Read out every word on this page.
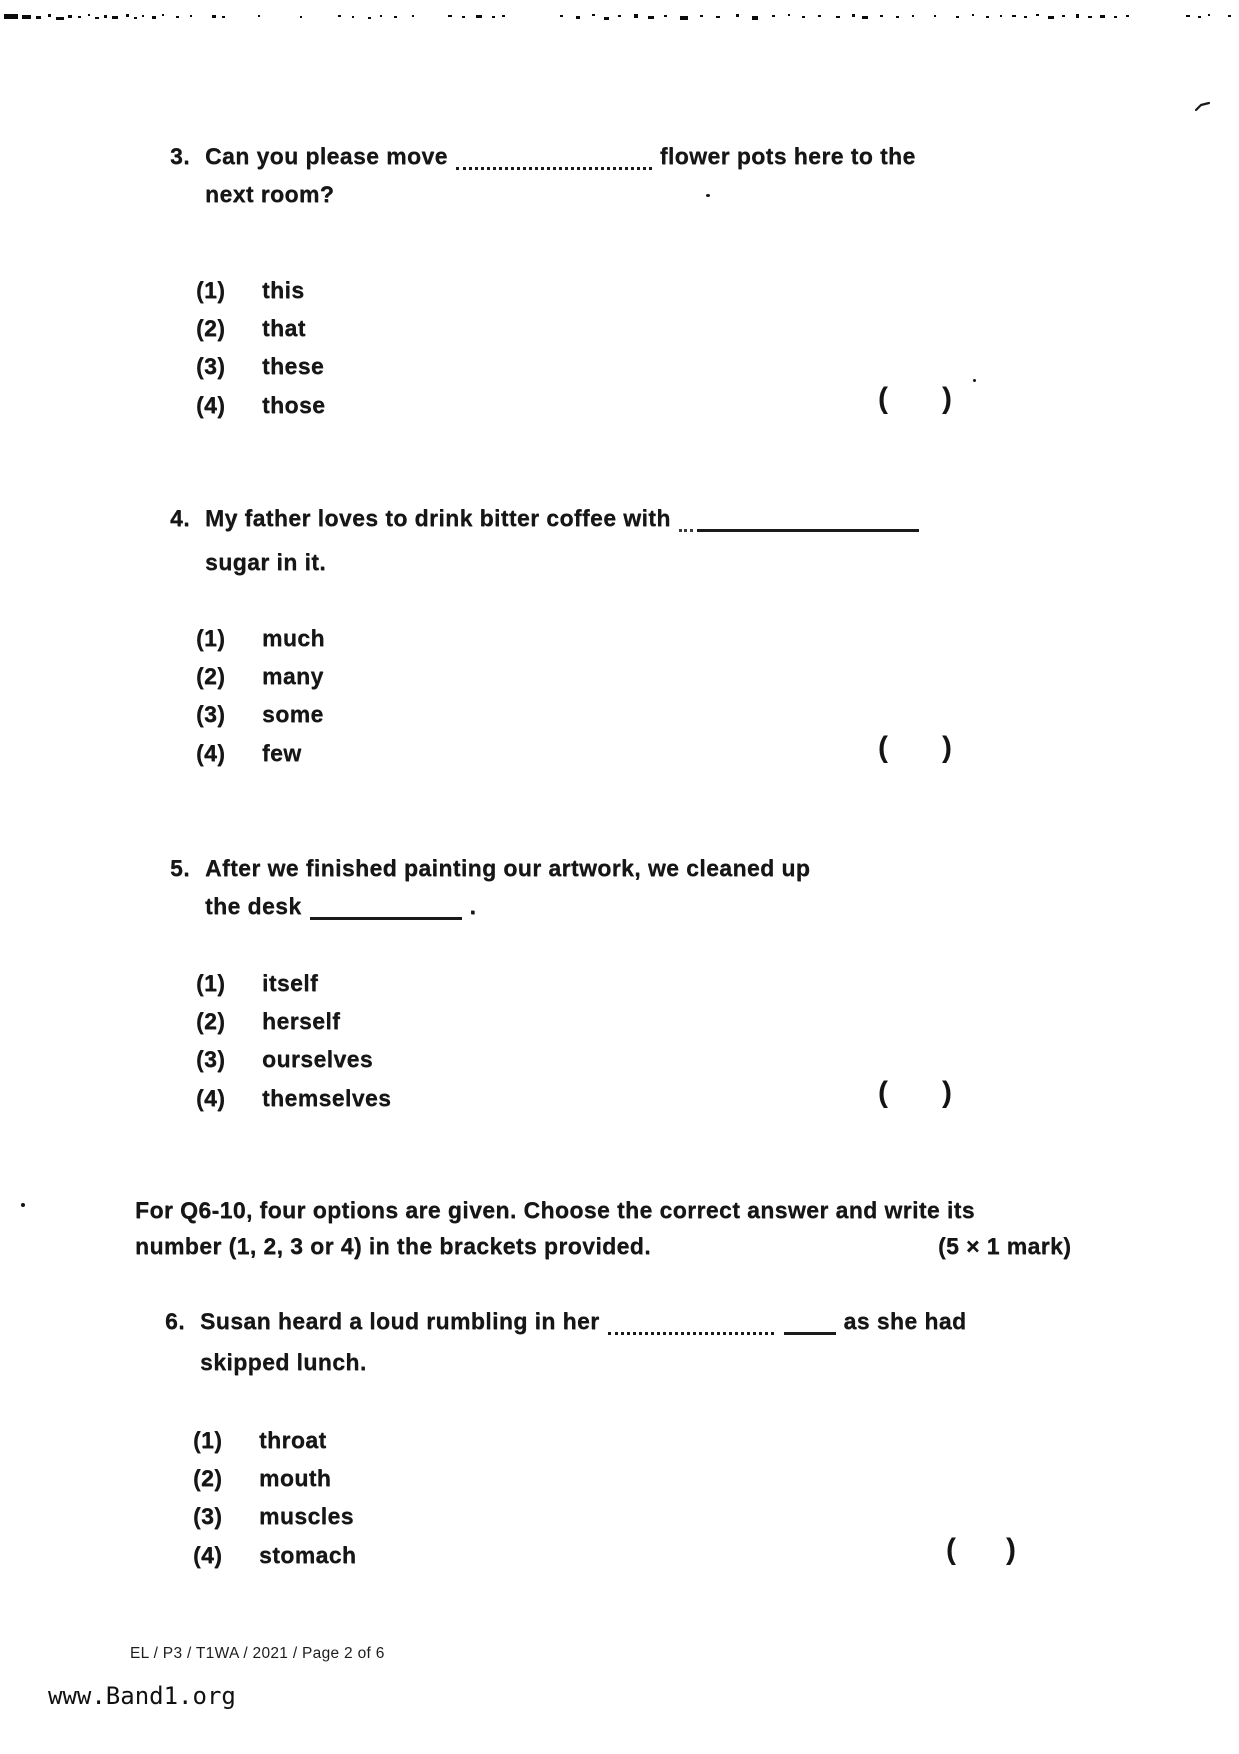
3. Can you please move	flower pots here to the
next room?
(1) this
(2) that
(3) these
(4) those	( )
4. My father loves to drink bitter coffee with
sugar in it.
(1) much
(2) many
(3) some
(4) few	( )
5. After we finished painting our artwork, we cleaned up
the desk	.
(1) itself
(2) herself
(3) ourselves
(4) themselves	( )
For Q6-10, four options are given. Choose the correct answer and write its
number (1, 2, 3 or 4) in the brackets provided.	(5 × 1 mark)
6. Susan heard a loud rumbling in her	as she had
skipped lunch.
(1) throat
(2) mouth
(3) muscles
(4) stomach	( )
EL / P3 / T1WA / 2021 / Page 2 of 6
www.Band1.org
